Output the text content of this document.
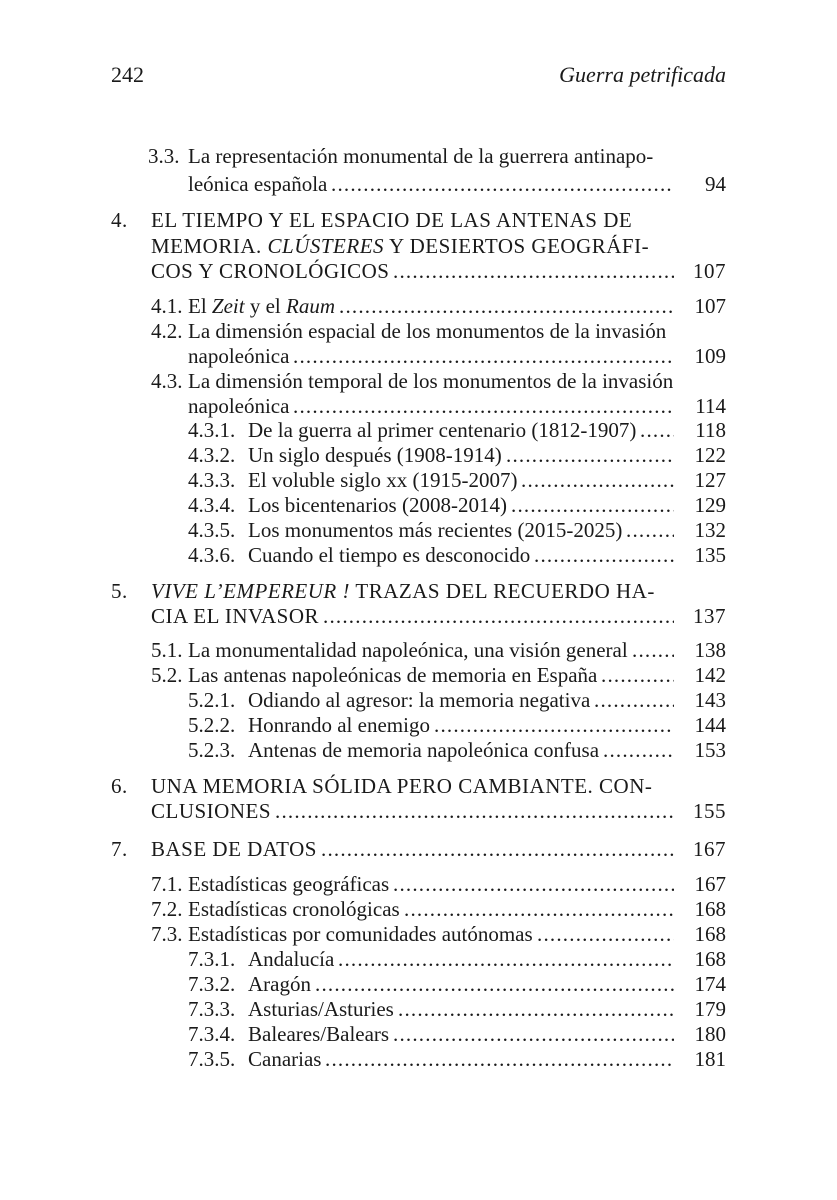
242	Guerra petrificada
3.3. La representación monumental de la guerrera antinapo-
leónica española	94
.....
4. EL TIEMPO Y EL ESPACIO DE LAS ANTENAS DE
MEMORIA. CLÚSTERES Y DESIERTOS GEOGRÁFI-
COS Y CRONOLÓGICOS	107
.....
4.1. El Zeit y el Raum	107
.....
4.2. La dimensión espacial de los monumentos de la invasión
napoleónica	109
.....
4.3. La dimensión temporal de los monumentos de la invasión
napoleónica	114
.....
4.3.1. De la guerra al primer centenario (1812-1907)	118
.....
4.3.2. Un siglo después (1908-1914)	122
.....
4.3.3. El voluble siglo xx (1915-2007)	127
.....
4.3.4. Los bicentenarios (2008-2014)	129
.....
4.3.5. Los monumentos más recientes (2015-2025)	132
.....
4.3.6. Cuando el tiempo es desconocido	135
.....
5. VIVE L’EMPEREUR ! TRAZAS DEL RECUERDO HA-
CIA EL INVASOR	137
.....
5.1. La monumentalidad napoleónica, una visión general	138
.....
5.2. Las antenas napoleónicas de memoria en España	142
.....
5.2.1. Odiando al agresor: la memoria negativa	143
.....
5.2.2. Honrando al enemigo	144
.....
5.2.3. Antenas de memoria napoleónica confusa	153
.....
6. UNA MEMORIA SÓLIDA PERO CAMBIANTE. CON-
CLUSIONES	155
.....
7. BASE DE DATOS	167
.....
7.1. Estadísticas geográficas	167
.....
7.2. Estadísticas cronológicas	168
.....
7.3. Estadísticas por comunidades autónomas	168
.....
7.3.1. Andalucía	168
.....
7.3.2. Aragón	174
.....
7.3.3. Asturias/Asturies	179
.....
7.3.4. Baleares/Balears	180
.....
7.3.5. Canarias	181
.....
